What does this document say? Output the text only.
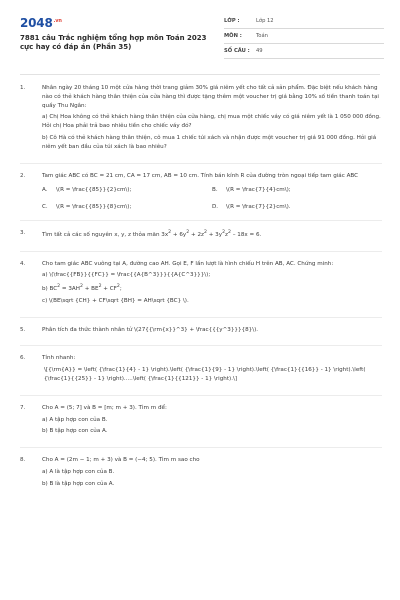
$2048^{.vn}$
7881 câu Trắc nghiệm tổng hợp môn Toán 2023 cực hay có đáp án (Phần 35)
LỚP :	Lớp 12
MÔN :	Toán
SỐ CÂU :	49
1.	Nhân ngày 20 tháng 10 một cửa hàng thời trang giảm 30% giá niêm yết cho tất cả sản phẩm. Đặc biệt nếu khách hàng nào có thẻ khách hàng thân thiện của cửa hàng thì được tặng thêm một voucher trị giá bằng 10% số tiền thanh toán tại quầy Thu Ngân:

a) Chị Hoa không có thẻ khách hàng thân thiện của cửa hàng, chị mua một chiếc váy có giá niêm yết là 1 050 000 đồng. Hỏi chị Hoa phải trả bao nhiêu tiền cho chiếc váy đó?

b) Cô Hà có thẻ khách hàng thân thiện, cô mua 1 chiếc túi xách và nhận được một voucher trị giá 91 000 đồng. Hỏi giá niêm yết ban đầu của túi xách là bao nhiêu?

2.	Tam giác ABC có BC = 21 cm, CA = 17 cm, AB = 10 cm. Tính bán kính R của đường tròn ngoại tiếp tam giác ABC

A. \(R = \frac{{85}}{2}cm\);	B. \(R = \frac{7}{4}cm\);
C. \(R = \frac{{85}}{8}cm\);	D. \(R = \frac{7}{2}cm\).
3.	Tìm tất cả các số nguyên x, y, z thỏa mãn $3x^2 + 6y^2 + 2z^2 + 3y^2z^2 - 18x = 6$.

4.	Cho tam giác ABC vuông tại A, đường cao AH. Gọi E, F lần lượt là hình chiếu H trên AB, AC. Chứng minh:

a) \(\frac{{FB}}{{FC}} = \frac{{A{B^3}}}{{A{C^3}}}\);

b) $BC^2 = 3AH^2 + BE^2 + CF^2$;

c) \(BE\sqrt {CH} + CF\sqrt {BH} = AH\sqrt {BC} \).

5.	Phân tích đa thức thành nhân tử \(27{{\rm{x}}^3} + \frac{{{y^3}}}{8}\).

6.	Tính nhanh:

\[{\rm{A}} = \left( {\frac{1}{4} - 1} \right).\left( {\frac{1}{9} - 1} \right).\left( {\frac{1}{{16}} - 1} \right).\left( {\frac{1}{{25}} - 1} \right).....\left( {\frac{1}{{121}} - 1} \right).\]

7.	Cho A = (5; 7] và B = [m; m + 3). Tìm m để:

a) A tập hợp con của B.

b) B tập hợp con của A.

8.	Cho A = (2m − 1; m + 3) và B = (−4; 5). Tìm m sao cho

a) A là tập hợp con của B.

b) B là tập hợp con của A.
